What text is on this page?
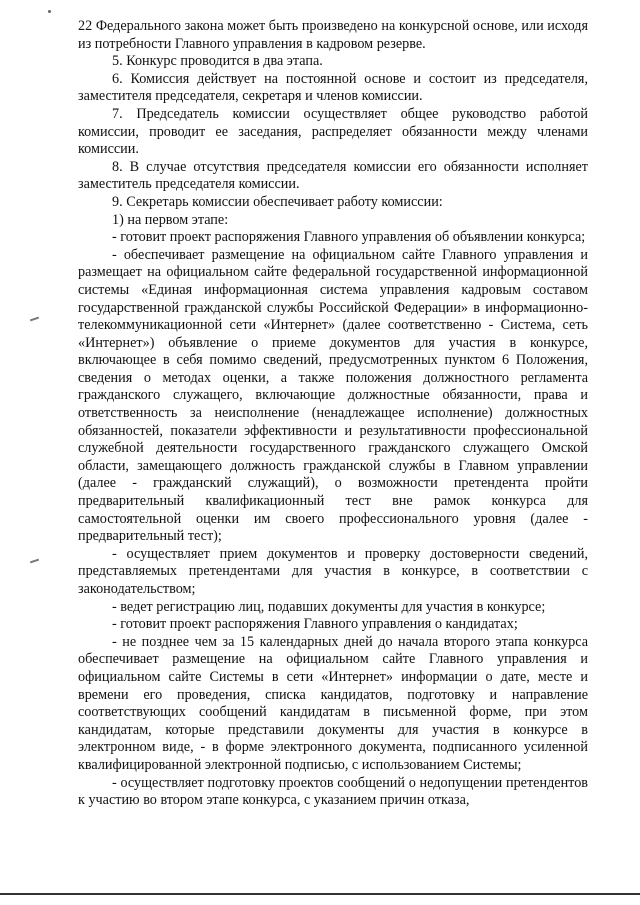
22 Федерального закона может быть произведено на конкурсной основе, или исходя из потребности Главного управления в кадровом резерве.

5. Конкурс проводится в два этапа.

6. Комиссия действует на постоянной основе и состоит из председателя, заместителя председателя, секретаря и членов комиссии.

7. Председатель комиссии осуществляет общее руководство работой комиссии, проводит ее заседания, распределяет обязанности между членами комиссии.

8. В случае отсутствия председателя комиссии его обязанности исполняет заместитель председателя комиссии.

9. Секретарь комиссии обеспечивает работу комиссии:

1) на первом этапе:

- готовит проект распоряжения Главного управления об объявлении конкурса;

- обеспечивает размещение на официальном сайте Главного управления и размещает на официальном сайте федеральной государственной информационной системы «Единая информационная система управления кадровым составом государственной гражданской службы Российской Федерации» в информационно-телекоммуникационной сети «Интернет» (далее соответственно - Система, сеть «Интернет») объявление о приеме документов для участия в конкурсе, включающее в себя помимо сведений, предусмотренных пунктом 6 Положения, сведения о методах оценки, а также положения должностного регламента гражданского служащего, включающие должностные обязанности, права и ответственность за неисполнение (ненадлежащее исполнение) должностных обязанностей, показатели эффективности и результативности профессиональной служебной деятельности государственного гражданского служащего Омской области, замещающего должность гражданской службы в Главном управлении (далее - гражданский служащий), о возможности претендента пройти предварительный квалификационный тест вне рамок конкурса для самостоятельной оценки им своего профессионального уровня (далее - предварительный тест);

- осуществляет прием документов и проверку достоверности сведений, представляемых претендентами для участия в конкурсе, в соответствии с законодательством;

- ведет регистрацию лиц, подавших документы для участия в конкурсе;

- готовит проект распоряжения Главного управления о кандидатах;

- не позднее чем за 15 календарных дней до начала второго этапа конкурса обеспечивает размещение на официальном сайте Главного управления и официальном сайте Системы в сети «Интернет» информации о дате, месте и времени его проведения, списка кандидатов, подготовку и направление соответствующих сообщений кандидатам в письменной форме, при этом кандидатам, которые представили документы для участия в конкурсе в электронном виде, - в форме электронного документа, подписанного усиленной квалифицированной электронной подписью, с использованием Системы;

- осуществляет подготовку проектов сообщений о недопущении претендентов к участию во втором этапе конкурса, с указанием причин отказа,
